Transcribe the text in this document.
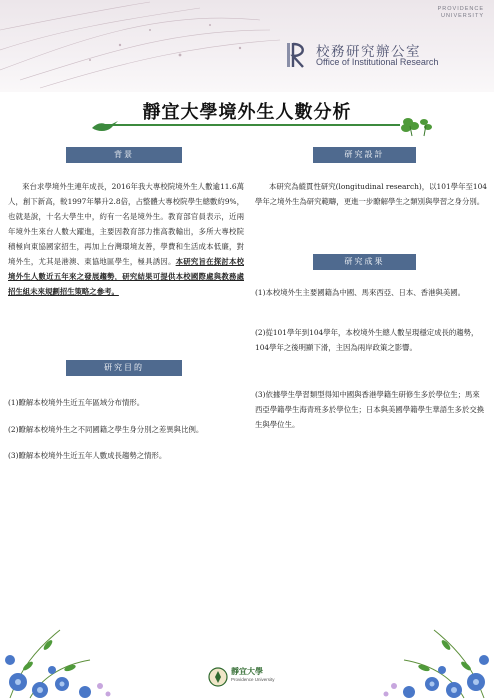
PROVIDENCE
UNIVERSITY
校務研究辦公室
Office of Institutional Research
靜宜大學境外生人數分析
背景

來台求學境外生連年成長，2016年我大專校院境外生人數逾11.6萬人，創下新高，較1997年攀升2.8倍，占整體大專校院學生總數約9%，也就是說，十名大學生中，約有一名是境外生。教育部官員表示，近兩年境外生來台人數大躍進，主要因教育部力推高教輸出，多所大專校院積極向東協國家招生，再加上台灣環境友善，學費和生活成本低廉，對境外生，尤其是港澳、東協地區學生，極具誘因。本研究旨在探討本校境外生人數近五年來之發展趨勢，研究結果可提供本校國際處與教務處招生組未來規劃招生策略之參考。

研究目的
(1)瞭解本校境外生近五年區域分布情形。
(2)瞭解本校境外生之不同國籍之學生身分別之差異與比例。
(3)瞭解本校境外生近五年人數成長趨勢之情形。
研究設計

本研究為縱貫性研究(longitudinal research)，以101學年至104學年之境外生為研究範疇，更進一步瞭解學生之類別與學習之身分別。

研究成果
(1)本校境外生主要國籍為中國、馬來西亞、日本、香港與美國。
(2)從101學年到104學年，本校境外生總人數呈現穩定成長的趨勢，104學年之後明顯下滑，主因為兩岸政策之影響。
(3)依據學生學習類型得知中國與香港學籍生研修生多於學位生；馬來西亞學籍學生海青班多於學位生；日本與美國學籍學生華語生多於交換生與學位生。
靜宜大學
Providence University
